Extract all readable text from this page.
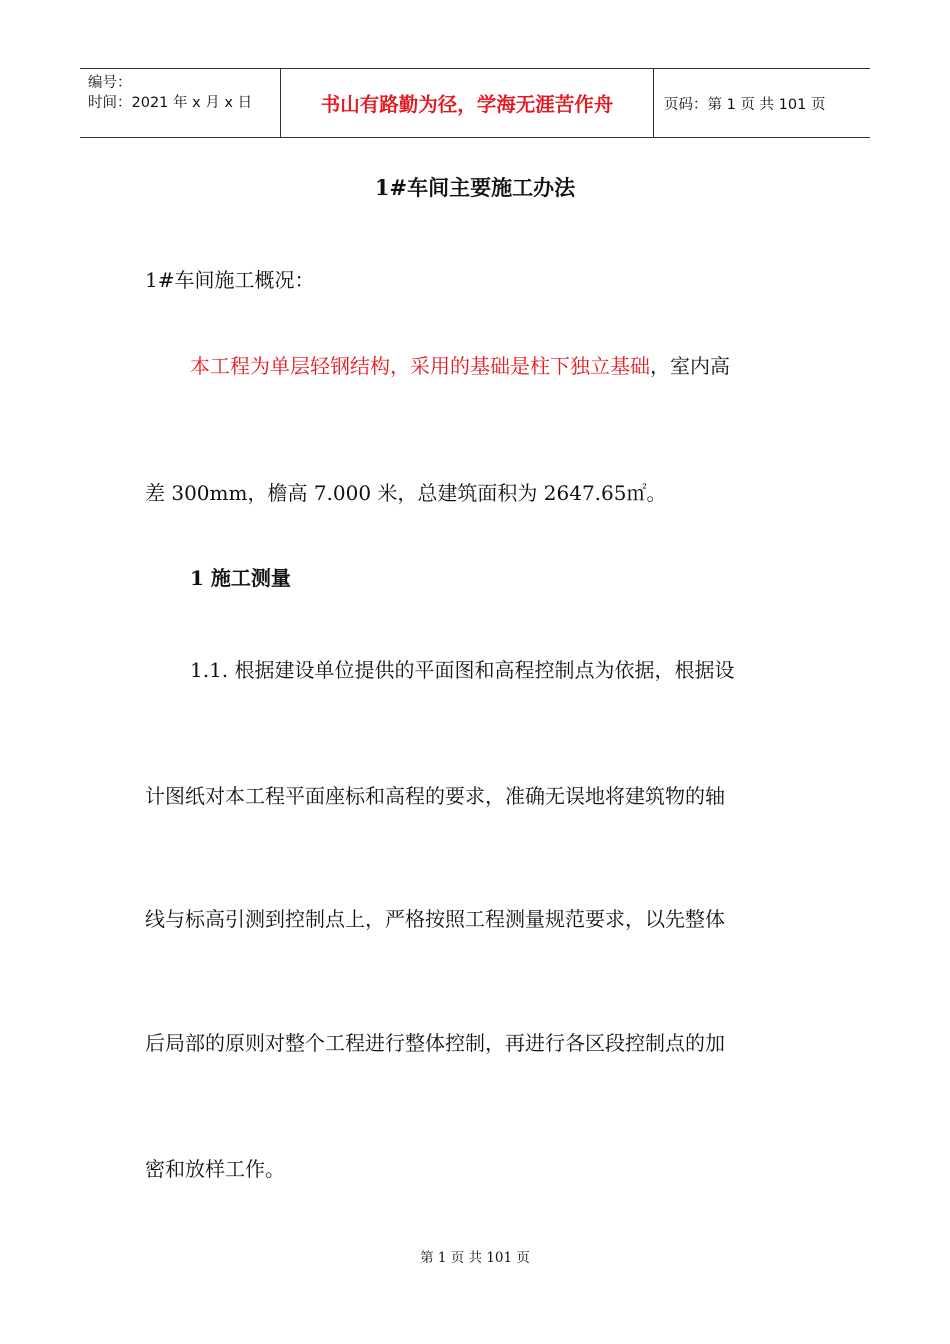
编号：
时间：2021 年 x 月 x 日	书山有路勤为径，学海无涯苦作舟	页码：第 1 页 共 101 页
1#车间主要施工办法
1#车间施工概况：
本工程为单层轻钢结构，采用的基础是柱下独立基础，室内高
差 300mm，檐高 7.000 米，总建筑面积为 2647.65㎡。
1 施工测量
1.1. 根据建设单位提供的平面图和高程控制点为依据，根据设
计图纸对本工程平面座标和高程的要求，准确无误地将建筑物的轴
线与标高引测到控制点上，严格按照工程测量规范要求，以先整体
后局部的原则对整个工程进行整体控制，再进行各区段控制点的加
密和放样工作。
第 1 页 共 101 页
